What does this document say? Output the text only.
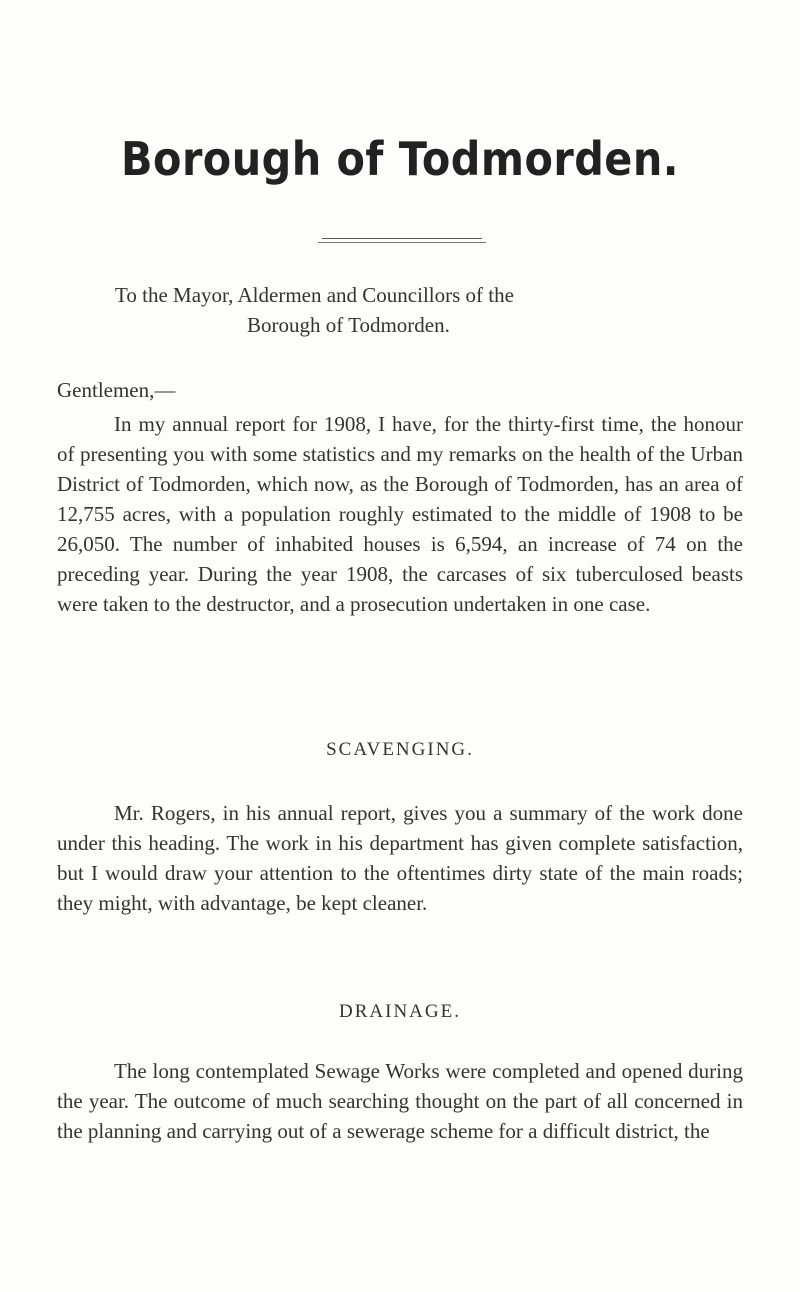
Borough of Todmorden.
To the Mayor, Aldermen and Councillors of the
Borough of Todmorden.
Gentlemen,—
In my annual report for 1908, I have, for the thirty-first time, the honour of presenting you with some statistics and my remarks on the health of the Urban District of Todmorden, which now, as the Borough of Todmorden, has an area of 12,755 acres, with a population roughly estimated to the middle of 1908 to be 26,050. The number of inhabited houses is 6,594, an increase of 74 on the preceding year. During the year 1908, the carcases of six tuberculosed beasts were taken to the destructor, and a prosecution undertaken in one case.
SCAVENGING.
Mr. Rogers, in his annual report, gives you a summary of the work done under this heading. The work in his department has given complete satisfaction, but I would draw your attention to the oftentimes dirty state of the main roads; they might, with advantage, be kept cleaner.
DRAINAGE.
The long contemplated Sewage Works were completed and opened during the year. The outcome of much searching thought on the part of all concerned in the planning and carrying out of a sewerage scheme for a difficult district, the
